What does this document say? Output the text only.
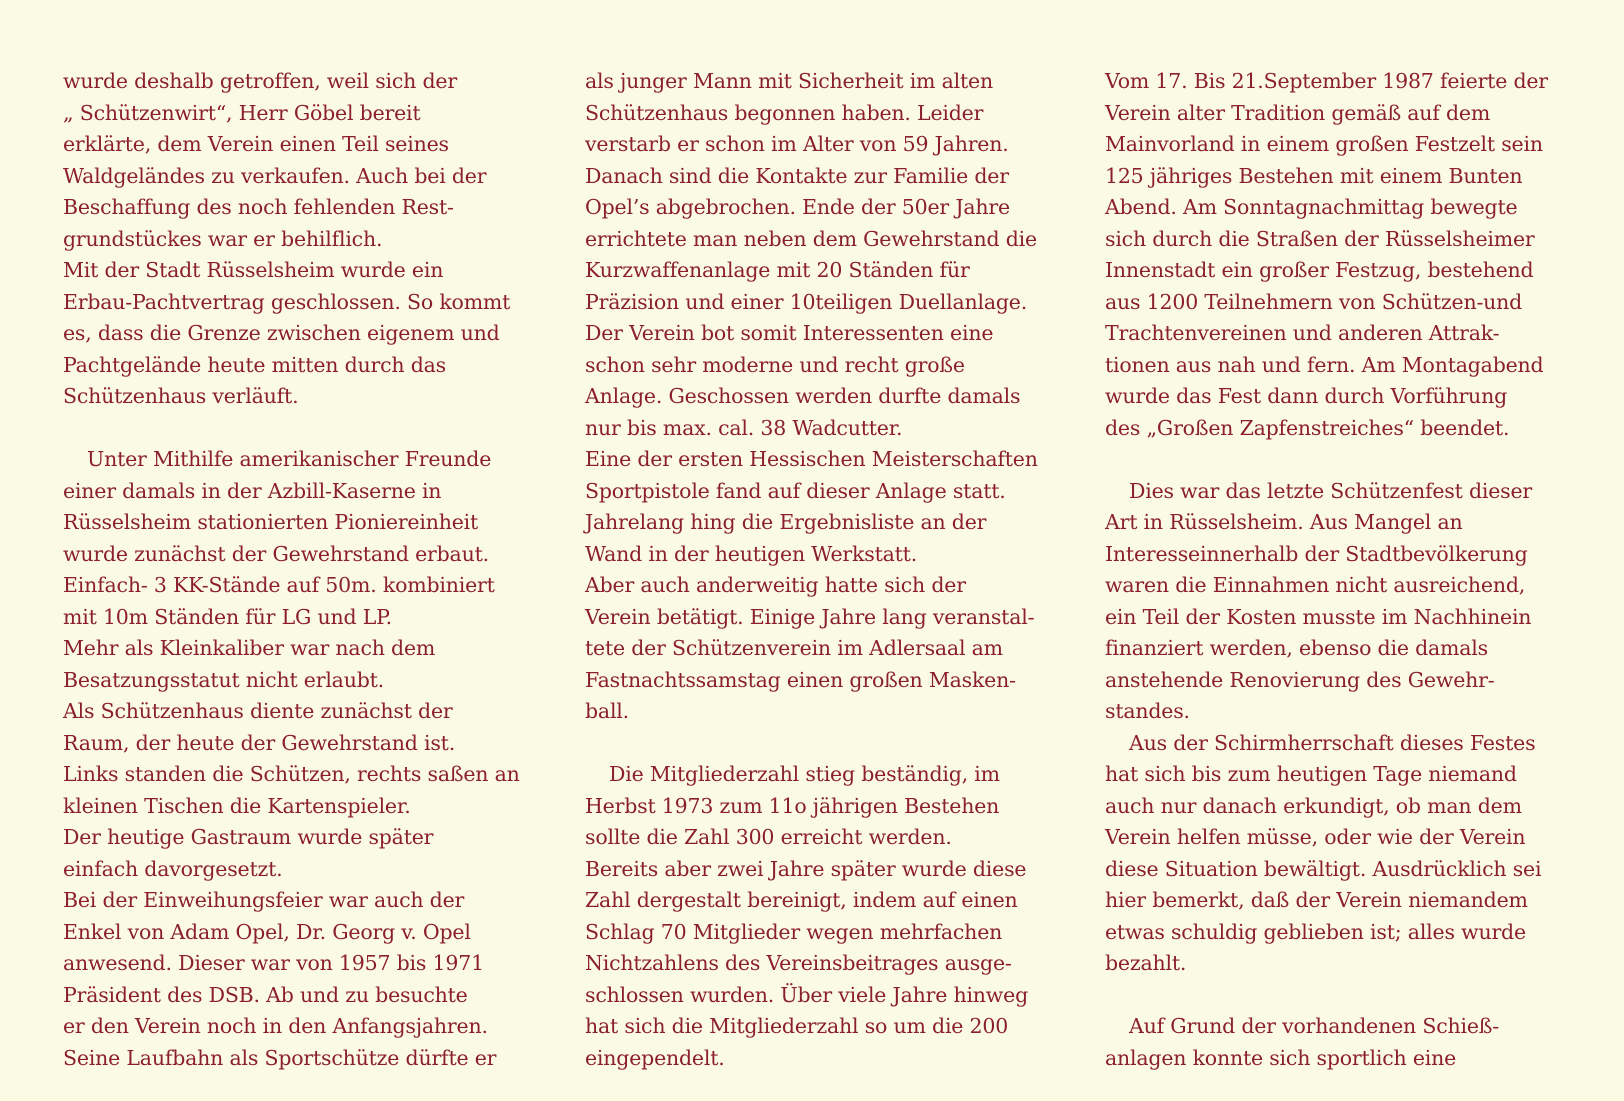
wurde deshalb getroffen, weil sich der
„ Schützenwirt“, Herr Göbel bereit
erklärte, dem Verein einen Teil seines
Waldgeländes zu verkaufen. Auch bei der
Beschaffung des noch fehlenden Rest-
grundstückes war er behilflich.
Mit der Stadt Rüsselsheim wurde ein
Erbau-Pachtvertrag geschlossen. So kommt
es, dass die Grenze zwischen eigenem und
Pachtgelände heute mitten durch das
Schützenhaus verläuft.
Unter Mithilfe amerikanischer Freunde
einer damals in der Azbill-Kaserne in
Rüsselsheim stationierten Pioniereinheit
wurde zunächst der Gewehrstand erbaut.
Einfach- 3 KK-Stände auf 50m. kombiniert
mit 10m Ständen für LG und LP.
Mehr als Kleinkaliber war nach dem
Besatzungsstatut nicht erlaubt.
Als Schützenhaus diente zunächst der
Raum, der heute der Gewehrstand ist.
Links standen die Schützen, rechts saßen an
kleinen Tischen die Kartenspieler.
Der heutige Gastraum wurde später
einfach davorgesetzt.
Bei der Einweihungsfeier war auch der
Enkel von Adam Opel, Dr. Georg v. Opel
anwesend. Dieser war von 1957 bis 1971
Präsident des DSB. Ab und zu besuchte
er den Verein noch in den Anfangsjahren.
Seine Laufbahn als Sportschütze dürfte er
als junger Mann mit Sicherheit im alten
Schützenhaus begonnen haben. Leider
verstarb er schon im Alter von 59 Jahren.
Danach sind die Kontakte zur Familie der
Opel’s abgebrochen. Ende der 50er Jahre
errichtete man neben dem Gewehrstand die
Kurzwaffenanlage mit 20 Ständen für
Präzision und einer 10teiligen Duellanlage.
Der Verein bot somit Interessenten eine
schon sehr moderne und recht große
Anlage. Geschossen werden durfte damals
nur bis max. cal. 38 Wadcutter.
Eine der ersten Hessischen Meisterschaften
Sportpistole fand auf dieser Anlage statt.
Jahrelang hing die Ergebnisliste an der
Wand in der heutigen Werkstatt.
Aber auch anderweitig hatte sich der
Verein betätigt. Einige Jahre lang veranstal-
tete der Schützenverein im Adlersaal am
Fastnachtssamstag einen großen Masken-
ball.
Die Mitgliederzahl stieg beständig, im
Herbst 1973 zum 11o jährigen Bestehen
sollte die Zahl 300 erreicht werden.
Bereits aber zwei Jahre später wurde diese
Zahl dergestalt bereinigt, indem auf einen
Schlag 70 Mitglieder wegen mehrfachen
Nichtzahlens des Vereinsbeitrages ausge-
schlossen wurden. Über viele Jahre hinweg
hat sich die Mitgliederzahl so um die 200
eingependelt.
Vom 17. Bis 21.September 1987 feierte der
Verein alter Tradition gemäß auf dem
Mainvorland in einem großen Festzelt sein
125 jähriges Bestehen mit einem Bunten
Abend. Am Sonntagnachmittag bewegte
sich durch die Straßen der Rüsselsheimer
Innenstadt ein großer Festzug, bestehend
aus 1200 Teilnehmern von Schützen-und
Trachtenvereinen und anderen Attrak-
tionen aus nah und fern. Am Montagabend
wurde das Fest dann durch Vorführung
des „Großen Zapfenstreiches“ beendet.
Dies war das letzte Schützenfest dieser
Art in Rüsselsheim. Aus Mangel an
Interesseinnerhalb der Stadtbevölkerung
waren die Einnahmen nicht ausreichend,
ein Teil der Kosten musste im Nachhinein
finanziert werden, ebenso die damals
anstehende Renovierung des Gewehr-
standes.
Aus der Schirmherrschaft dieses Festes
hat sich bis zum heutigen Tage niemand
auch nur danach erkundigt, ob man dem
Verein helfen müsse, oder wie der Verein
diese Situation bewältigt. Ausdrücklich sei
hier bemerkt, daß der Verein niemandem
etwas schuldig geblieben ist; alles wurde
bezahlt.
Auf Grund der vorhandenen Schieß-
anlagen konnte sich sportlich eine
